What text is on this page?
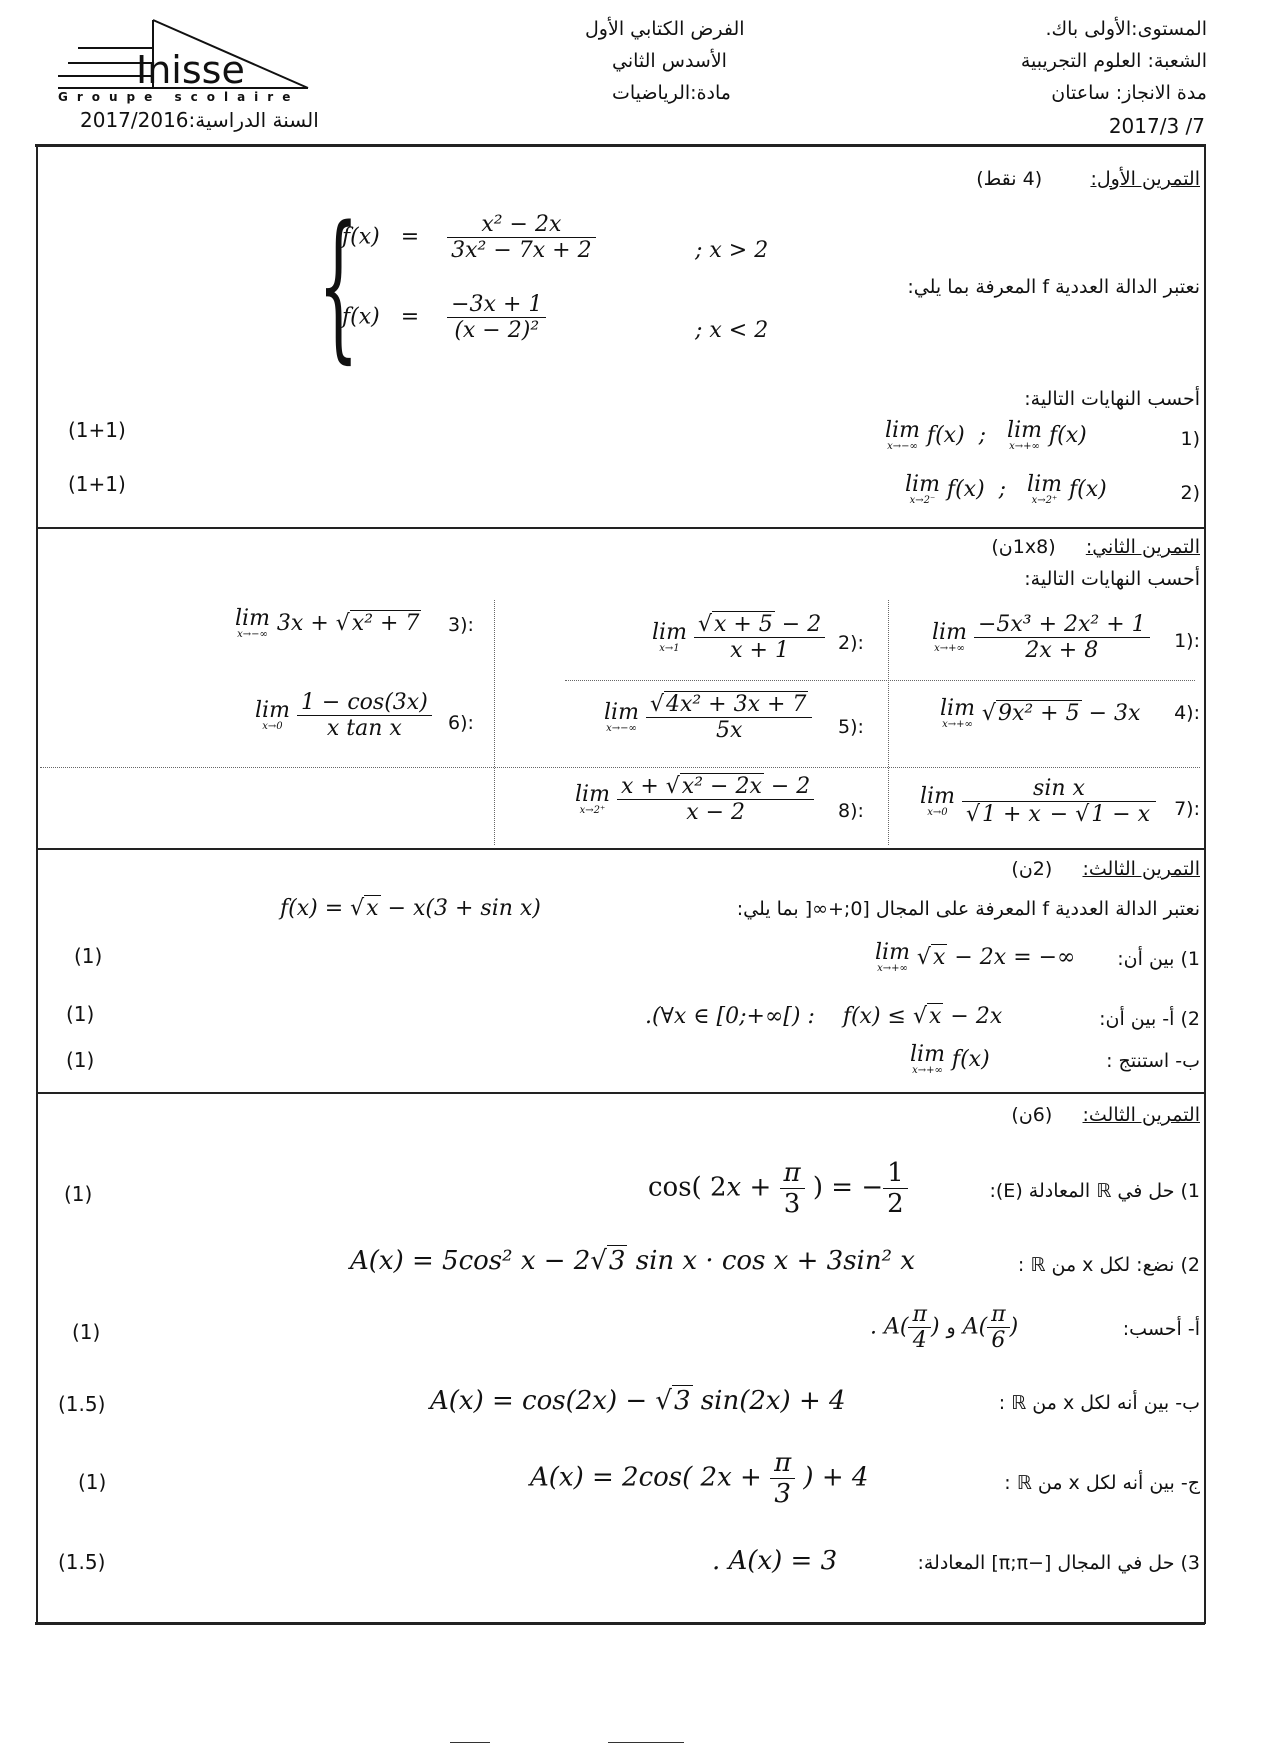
Inisse
Groupe scolaire
السنة الدراسية:2017/2016
الفرض الكتابي الأول
الأسدس الثاني
مادة:الرياضيات
المستوى:الأولى باك.
الشعبة: العلوم التجريبية
مدة الانجاز: ساعتان
2017/3 /7
التمرين الأول:        (4 نقط)
{
$f(x) = \frac{\text{x² − 2x}}{\text{3x² − 7x + 2}}$	; x > 2
$f(x) = \frac{-3x + 1}{\text{(x − 2)²}}$	; x < 2
نعتبر الدالة العددية f المعرفة بما يلي:
أحسب النهايات التالية:
(1
lim
x→−∞ f(x)  ;   lim
x→+∞ f(x)
(1+1)
(2
lim
x→2⁻ f(x)  ;   lim
x→2⁺ f(x)
(1+1)
التمرين الثاني:     (1x8ن)
أحسب النهايات التالية:
:(1
lim
x→+∞
$\frac{\text{−5x³ + 2x² + 1}}{2x + 8}$
:(2
lim
x→1
$\frac{√x + 5 - 2}{x + 1}$
:(3
lim
x→−∞ 3x + √x² + 7
:(4
lim
x→+∞ √9x² + 5 − 3x
:(5
lim
x→−∞
$\frac{\text{√4x² + 3x + 7}}{5x}$
:(6
lim
x→0
$\frac{1 - \cos(3x)}{\text{x tan x}}$
:(7
lim
x→0
$\frac{\text{sin x}}{√1 + x - √1 - x}$
:(8
lim
x→2⁺
$\frac{\text{x + √x² − 2x − 2}}{x - 2}$
التمرين الثالث:     (2ن)
نعتبر الدالة العددية f المعرفة على المجال [0;+∞[ بما يلي:
f(x) = √x − x(3 + sin x)
1) بين أن:
lim
x→+∞ √x − 2x = −∞
(1)
2) أ- بين أن:
.(∀x ∈ [0;+∞[) :    f(x) ≤ √x − 2x
(1)
ب- استنتج :
lim
x→+∞ f(x)
(1)
التمرين الثالث:     (6ن)
1) حل في ℝ المعادلة (E):
cos( $2x + \frac{\pi}{3}$ ) = − $\frac{1}{2}$
(1)
2) نضع: لكل x من ℝ :
A(x) = 5cos² x − 2√3 sin x · cos x + 3sin² x
أ- أحسب:
. $A( \frac{\pi}{4}$ ) و $A( \frac{\pi}{6}$ )
(1)
ب- بين أنه لكل x من ℝ :
A(x) = cos(2x) − √3 sin(2x) + 4
(1.5)
ج- بين أنه لكل x من ℝ :
A(x) = 2cos( $2x + \frac{\pi}{3}$ ) + 4
(1)
3) حل في المجال [−π;π] المعادلة:
. A(x) = 3
(1.5)
